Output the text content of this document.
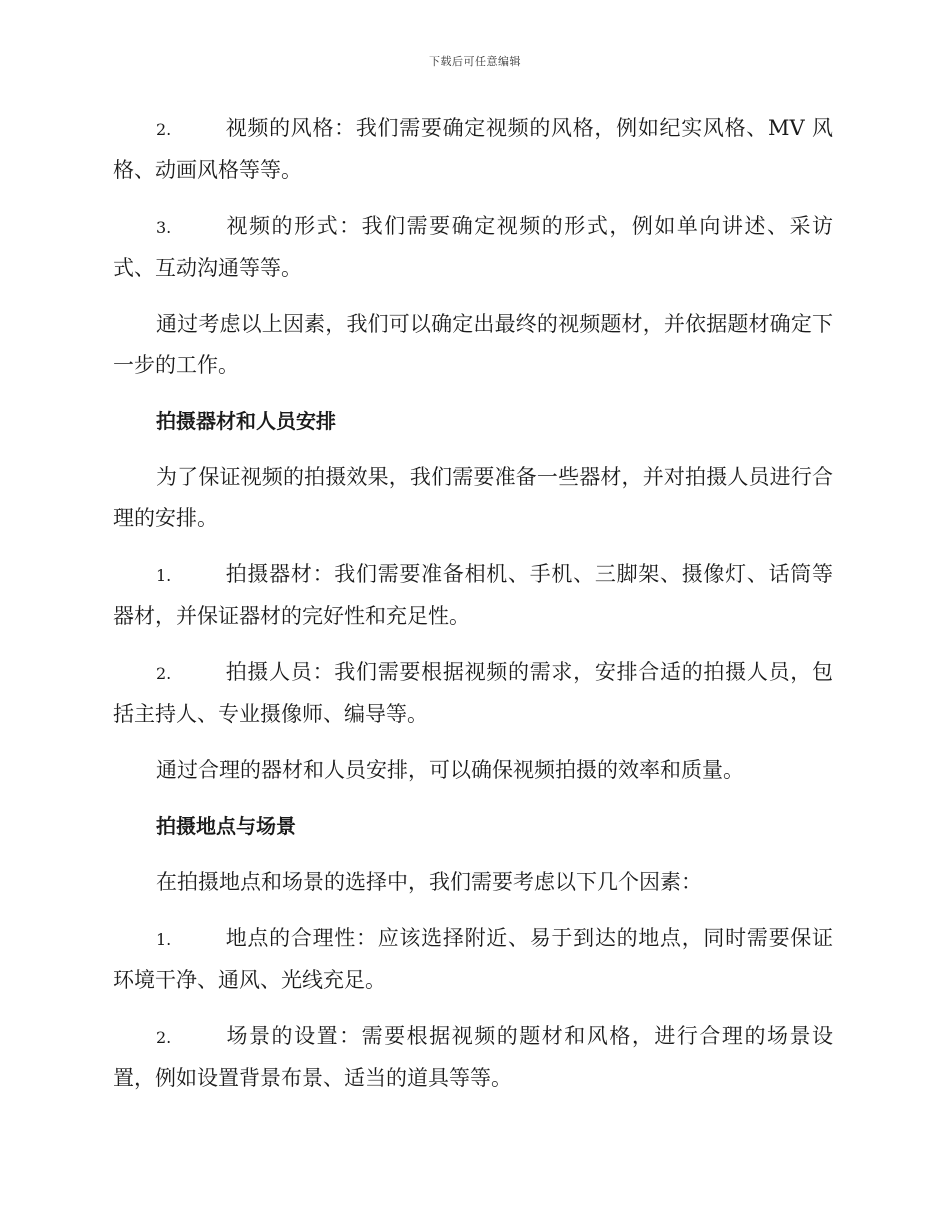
下载后可任意编辑
2.	视频的风格：我们需要确定视频的风格，例如纪实风格、MV 风格、动画风格等等。
3.	视频的形式：我们需要确定视频的形式，例如单向讲述、采访式、互动沟通等等。

通过考虑以上因素，我们可以确定出最终的视频题材，并依据题材确定下一步的工作。

拍摄器材和人员安排

为了保证视频的拍摄效果，我们需要准备一些器材，并对拍摄人员进行合理的安排。

1.	拍摄器材：我们需要准备相机、手机、三脚架、摄像灯、话筒等器材，并保证器材的完好性和充足性。
2.	拍摄人员：我们需要根据视频的需求，安排合适的拍摄人员，包括主持人、专业摄像师、编导等。

通过合理的器材和人员安排，可以确保视频拍摄的效率和质量。

拍摄地点与场景

在拍摄地点和场景的选择中，我们需要考虑以下几个因素：

1.	地点的合理性：应该选择附近、易于到达的地点，同时需要保证环境干净、通风、光线充足。
2.	场景的设置：需要根据视频的题材和风格，进行合理的场景设置，例如设置背景布景、适当的道具等等。
